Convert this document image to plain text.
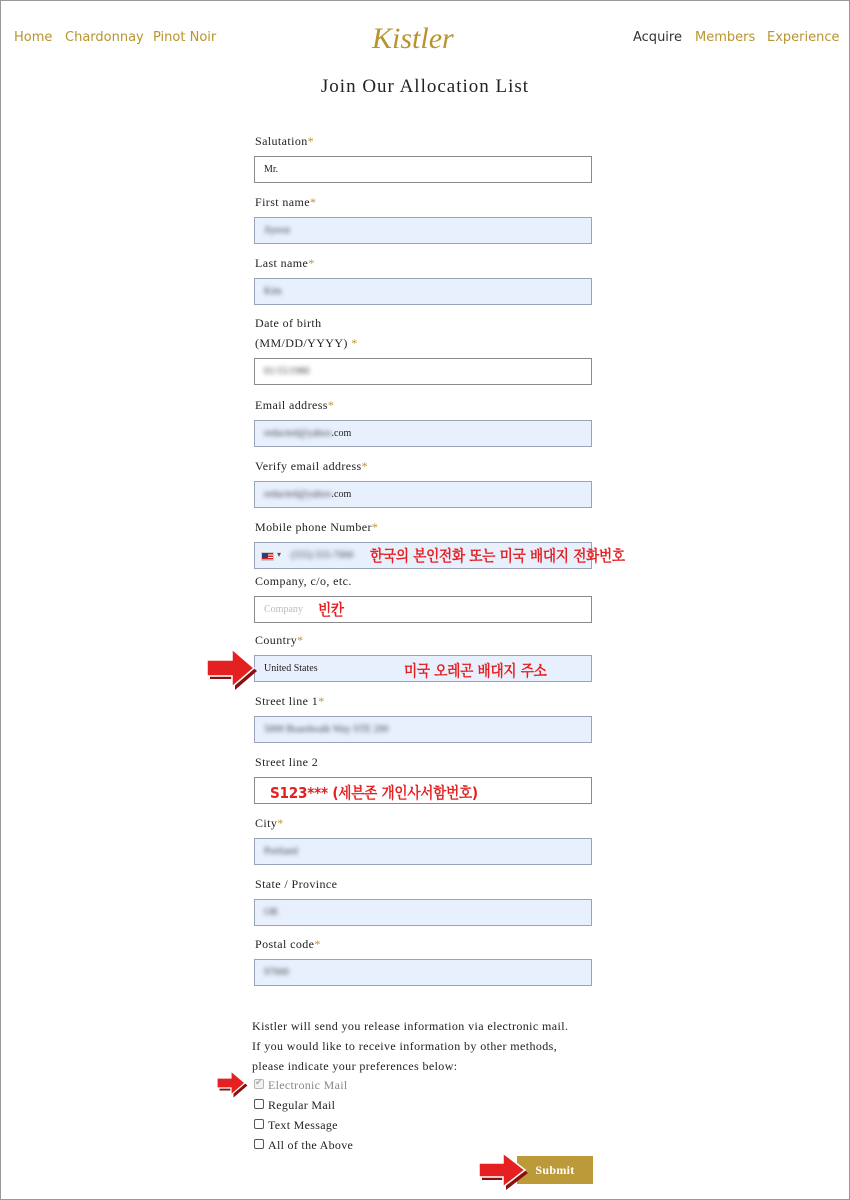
Home Chardonnay Pinot Noir	Acquire Members Experience
Kistler
Join Our Allocation List
Salutation*
Mr.
First name*
Jiyeon
Last name*
Kim
Date of birth
(MM/DD/YYYY) *
01/15/1980
Email address*
redacted@yahoo.com
Verify email address*
redacted@yahoo.com
Mobile phone Number*
▾ (555) 555-7000 한국의 본인전화 또는 미국 배대지 전화번호
Company, c/o, etc.
Company 빈칸
Country*
United States	미국 오레곤 배대지 주소
Street line 1*
5000 Boardwalk Way STE 200
Street line 2
S123*** (세븐존 개인사서함번호)
City*
Portland
State / Province
OR
Postal code*
97000
Kistler will send you release information via electronic mail.
If you would like to receive information by other methods,
please indicate your preferences below:
✔
Electronic Mail
Regular Mail
Text Message
All of the Above
Submit
